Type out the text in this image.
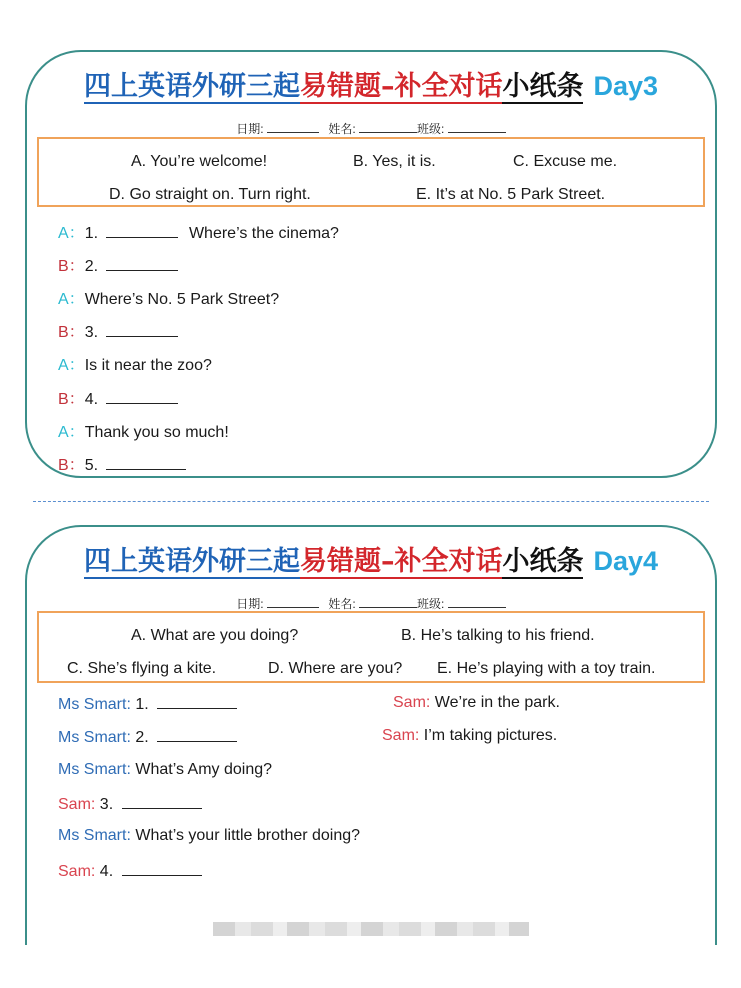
四上英语外研三起易错题–补全对话小纸条 Day3
日期:	姓名:	班级:
A. You’re welcome!	B. Yes, it is.	C. Excuse me.
D. Go straight on. Turn right.	E. It’s at No. 5 Park Street.
A：1.	Where’s the cinema?
B：2.
A：Where’s No. 5 Park Street?
B：3.
A：Is it near the zoo?
B：4.
A：Thank you so much!
B：5.
四上英语外研三起易错题–补全对话小纸条 Day4
日期:	姓名:	班级:
A. What are you doing?	B. He’s talking to his friend.
C. She’s flying a kite.	D. Where are you? E. He’s playing with a toy train.
Ms Smart: 1.	Sam: We’re in the park.
Ms Smart: 2.	Sam: I’m taking pictures.
Ms Smart: What’s Amy doing?
Sam: 3.
Ms Smart: What’s your little brother doing?
Sam: 4.
